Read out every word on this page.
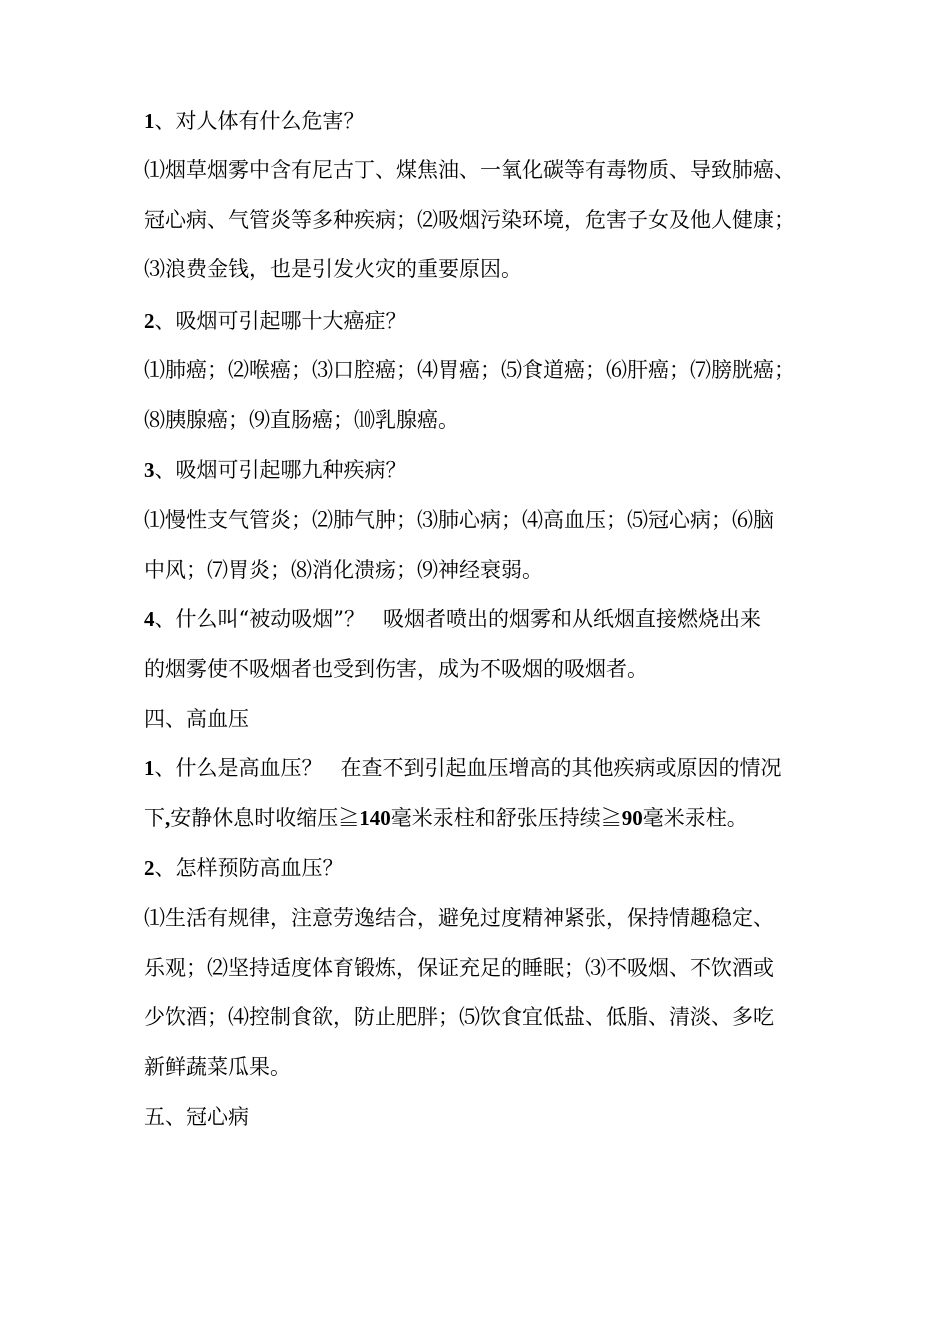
1、对人体有什么危害？
⑴烟草烟雾中含有尼古丁、煤焦油、一氧化碳等有毒物质、导致肺癌、
冠心病、气管炎等多种疾病；⑵吸烟污染环境，危害子女及他人健康；
⑶浪费金钱，也是引发火灾的重要原因。
2、吸烟可引起哪十大癌症？
⑴肺癌；⑵喉癌；⑶口腔癌；⑷胃癌；⑸食道癌；⑹肝癌；⑺膀胱癌；
⑻胰腺癌；⑼直肠癌；⑽乳腺癌。
3、吸烟可引起哪九种疾病？
⑴慢性支气管炎；⑵肺气肿；⑶肺心病；⑷高血压；⑸冠心病；⑹脑
中风；⑺胃炎；⑻消化溃疡；⑼神经衰弱。
4、什么叫“被动吸烟”？ 吸烟者喷出的烟雾和从纸烟直接燃烧出来
的烟雾使不吸烟者也受到伤害，成为不吸烟的吸烟者。
四、高血压
1、什么是高血压？ 在查不到引起血压增高的其他疾病或原因的情况
下,安静休息时收缩压≧140毫米汞柱和舒张压持续≧90毫米汞柱。
2、怎样预防高血压？
⑴生活有规律，注意劳逸结合，避免过度精神紧张，保持情趣稳定、
乐观；⑵坚持适度体育锻炼，保证充足的睡眠；⑶不吸烟、不饮酒或
少饮酒；⑷控制食欲，防止肥胖；⑸饮食宜低盐、低脂、清淡、多吃
新鲜蔬菜瓜果。
五、冠心病
